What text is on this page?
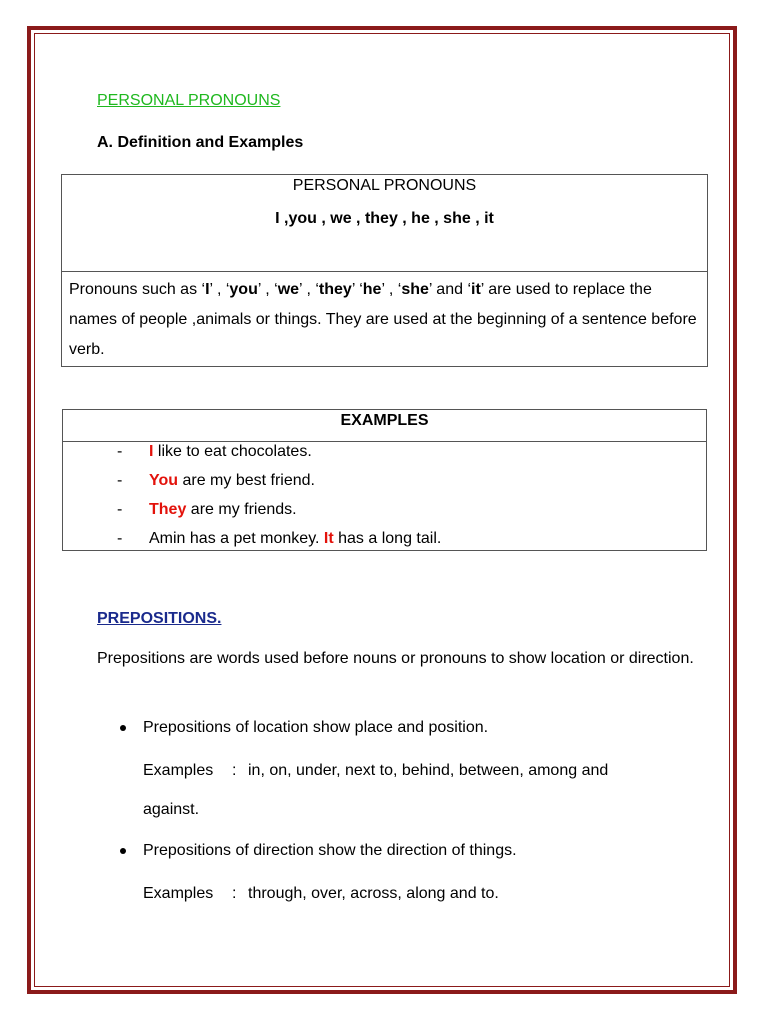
PERSONAL PRONOUNS
A. Definition and Examples
PERSONAL PRONOUNS
I ,you , we , they , he , she , it
Pronouns such as ‘I’ , ‘you’ , ‘we’ , ‘they’ ‘he’ , ‘she’ and ‘it’ are used to replace the names of people ,animals or things. They are used at the beginning of a sentence before verb.
EXAMPLES
- I like to eat chocolates.
- You are my best friend.
- They are my friends.
- Amin has a pet monkey. It has a long tail.
PREPOSITIONS.
Prepositions are words used before nouns or pronouns to show location or direction.
Prepositions of location show place and position.
Examples : in, on, under, next to, behind, between, among and
against.
Prepositions of direction show the direction of things.
Examples : through, over, across, along and to.
